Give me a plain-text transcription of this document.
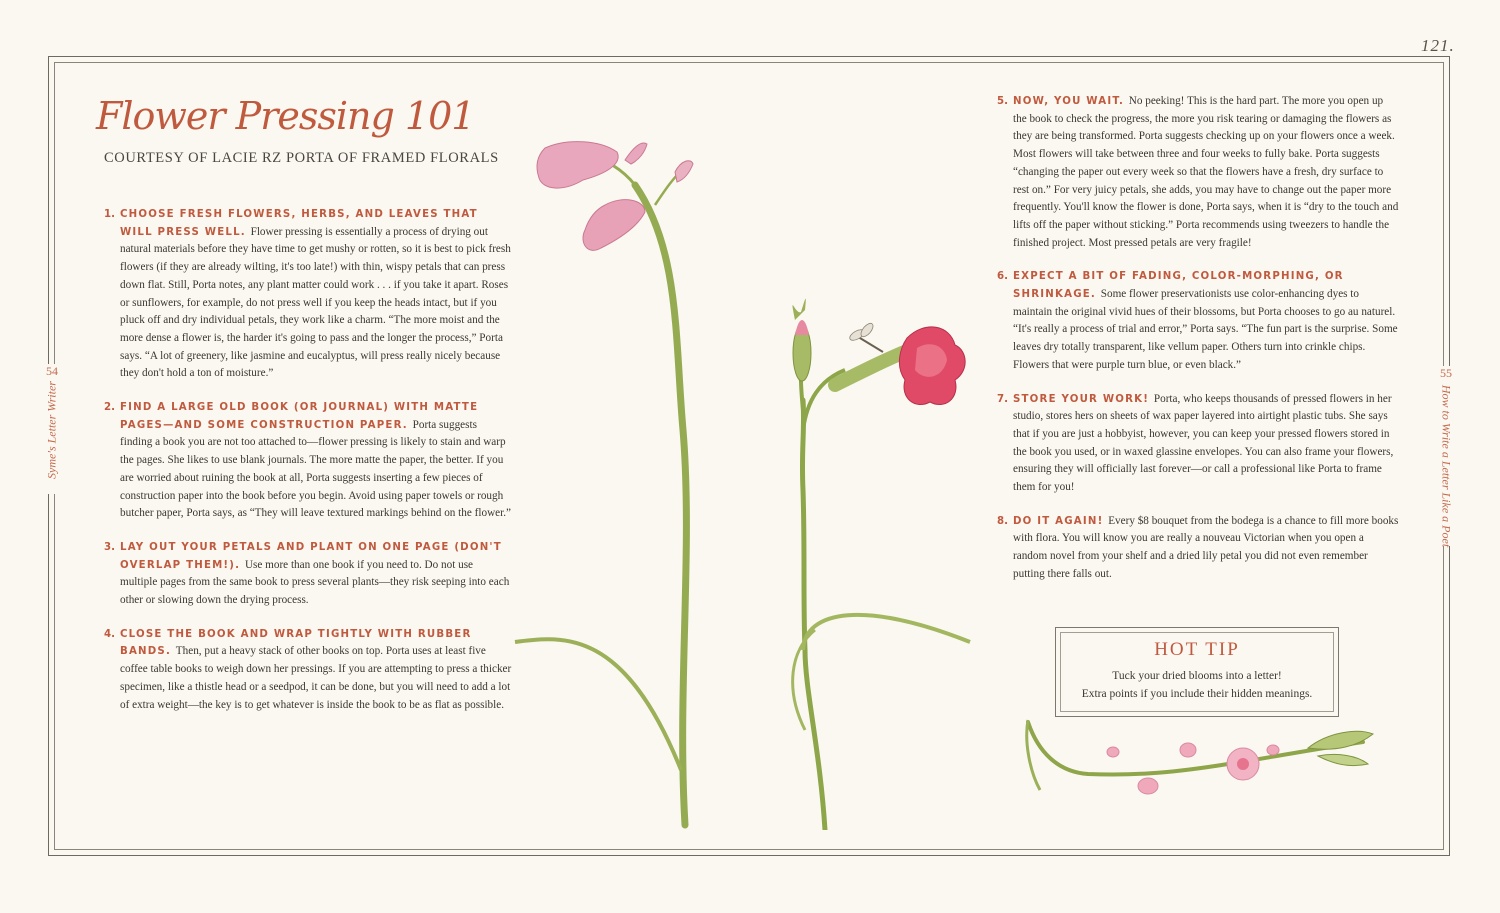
121.
54
Syme's Letter Writer
55
How to Write a Letter Like a Poet
Flower Pressing 101
COURTESY OF LACIE RZ PORTA OF FRAMED FLORALS
1. CHOOSE FRESH FLOWERS, HERBS, AND LEAVES THAT WILL PRESS WELL. Flower pressing is essentially a process of drying out natural materials before they have time to get mushy or rotten, so it is best to pick fresh flowers (if they are already wilting, it's too late!) with thin, wispy petals that can press down flat. Still, Porta notes, any plant matter could work . . . if you take it apart. Roses or sunflowers, for example, do not press well if you keep the heads intact, but if you pluck off and dry individual petals, they work like a charm. “The more moist and the more dense a flower is, the harder it's going to pass and the longer the process,” Porta says. “A lot of greenery, like jasmine and eucalyptus, will press really nicely because they don't hold a ton of moisture.”
2. FIND A LARGE OLD BOOK (OR JOURNAL) WITH MATTE PAGES—AND SOME CONSTRUCTION PAPER. Porta suggests finding a book you are not too attached to—flower pressing is likely to stain and warp the pages. She likes to use blank journals. The more matte the paper, the better. If you are worried about ruining the book at all, Porta suggests inserting a few pieces of construction paper into the book before you begin. Avoid using paper towels or rough butcher paper, Porta says, as “They will leave textured markings behind on the flower.”
3. LAY OUT YOUR PETALS AND PLANT ON ONE PAGE (DON'T OVERLAP THEM!). Use more than one book if you need to. Do not use multiple pages from the same book to press several plants—they risk seeping into each other or slowing down the drying process.
4. CLOSE THE BOOK AND WRAP TIGHTLY WITH RUBBER BANDS. Then, put a heavy stack of other books on top. Porta uses at least five coffee table books to weigh down her pressings. If you are attempting to press a thicker specimen, like a thistle head or a seedpod, it can be done, but you will need to add a lot of extra weight—the key is to get whatever is inside the book to be as flat as possible.
5. NOW, YOU WAIT. No peeking! This is the hard part. The more you open up the book to check the progress, the more you risk tearing or damaging the flowers as they are being transformed. Porta suggests checking up on your flowers once a week. Most flowers will take between three and four weeks to fully bake. Porta suggests “changing the paper out every week so that the flowers have a fresh, dry surface to rest on.” For very juicy petals, she adds, you may have to change out the paper more frequently. You'll know the flower is done, Porta says, when it is “dry to the touch and lifts off the paper without sticking.” Porta recommends using tweezers to handle the finished project. Most pressed petals are very fragile!
6. EXPECT A BIT OF FADING, COLOR-MORPHING, OR SHRINKAGE. Some flower preservationists use color-enhancing dyes to maintain the original vivid hues of their blossoms, but Porta chooses to go au naturel. “It's really a process of trial and error,” Porta says. “The fun part is the surprise. Some leaves dry totally transparent, like vellum paper. Others turn into crinkle chips. Flowers that were purple turn blue, or even black.”
7. STORE YOUR WORK! Porta, who keeps thousands of pressed flowers in her studio, stores hers on sheets of wax paper layered into airtight plastic tubs. She says that if you are just a hobbyist, however, you can keep your pressed flowers stored in the book you used, or in waxed glassine envelopes. You can also frame your flowers, ensuring they will officially last forever—or call a professional like Porta to frame them for you!
8. DO IT AGAIN! Every $8 bouquet from the bodega is a chance to fill more books with flora. You will know you are really a nouveau Victorian when you open a random novel from your shelf and a dried lily petal you did not even remember putting there falls out.
HOT TIP
Tuck your dried blooms into a letter!
Extra points if you include their hidden meanings.
